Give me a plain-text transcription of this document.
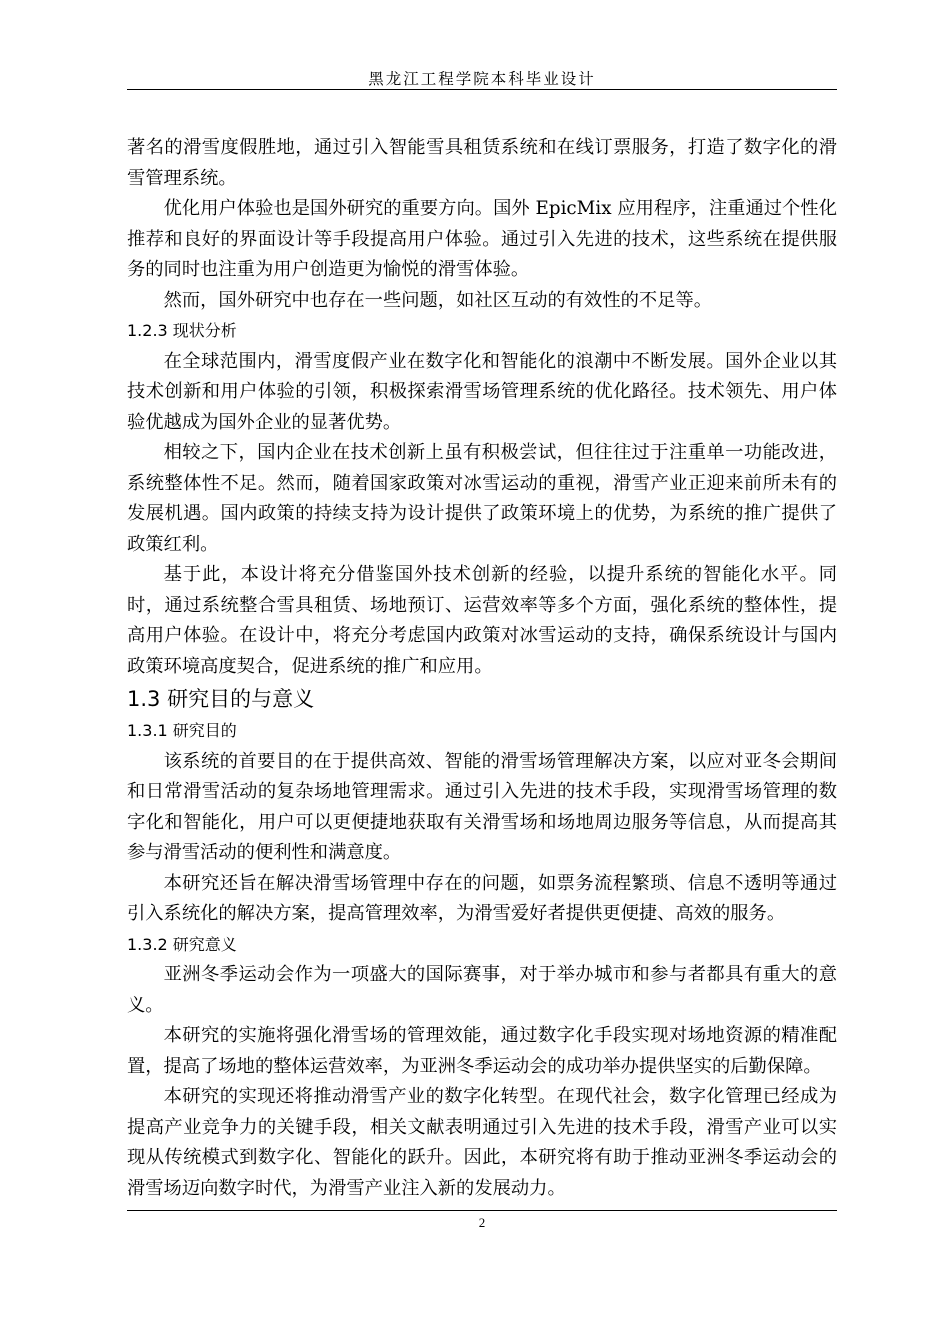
黑龙江工程学院本科毕业设计

著名的滑雪度假胜地，通过引入智能雪具租赁系统和在线订票服务，打造了数字化的滑雪管理系统。

优化用户体验也是国外研究的重要方向。国外 EpicMix 应用程序，注重通过个性化推荐和良好的界面设计等手段提高用户体验。通过引入先进的技术，这些系统在提供服务的同时也注重为用户创造更为愉悦的滑雪体验。

然而，国外研究中也存在一些问题，如社区互动的有效性的不足等。

1.2.3 现状分析

在全球范围内，滑雪度假产业在数字化和智能化的浪潮中不断发展。国外企业以其技术创新和用户体验的引领，积极探索滑雪场管理系统的优化路径。技术领先、用户体验优越成为国外企业的显著优势。

相较之下，国内企业在技术创新上虽有积极尝试，但往往过于注重单一功能改进，系统整体性不足。然而，随着国家政策对冰雪运动的重视，滑雪产业正迎来前所未有的发展机遇。国内政策的持续支持为设计提供了政策环境上的优势，为系统的推广提供了政策红利。

基于此，本设计将充分借鉴国外技术创新的经验，以提升系统的智能化水平。同时，通过系统整合雪具租赁、场地预订、运营效率等多个方面，强化系统的整体性，提高用户体验。在设计中，将充分考虑国内政策对冰雪运动的支持，确保系统设计与国内政策环境高度契合，促进系统的推广和应用。

1.3 研究目的与意义
1.3.1 研究目的

该系统的首要目的在于提供高效、智能的滑雪场管理解决方案，以应对亚冬会期间和日常滑雪活动的复杂场地管理需求。通过引入先进的技术手段，实现滑雪场管理的数字化和智能化，用户可以更便捷地获取有关滑雪场和场地周边服务等信息，从而提高其参与滑雪活动的便利性和满意度。

本研究还旨在解决滑雪场管理中存在的问题，如票务流程繁琐、信息不透明等通过引入系统化的解决方案，提高管理效率，为滑雪爱好者提供更便捷、高效的服务。

1.3.2 研究意义

亚洲冬季运动会作为一项盛大的国际赛事，对于举办城市和参与者都具有重大的意义。

本研究的实施将强化滑雪场的管理效能，通过数字化手段实现对场地资源的精准配置，提高了场地的整体运营效率，为亚洲冬季运动会的成功举办提供坚实的后勤保障。

本研究的实现还将推动滑雪产业的数字化转型。在现代社会，数字化管理已经成为提高产业竞争力的关键手段，相关文献表明通过引入先进的技术手段，滑雪产业可以实现从传统模式到数字化、智能化的跃升。因此，本研究将有助于推动亚洲冬季运动会的滑雪场迈向数字时代，为滑雪产业注入新的发展动力。

2
